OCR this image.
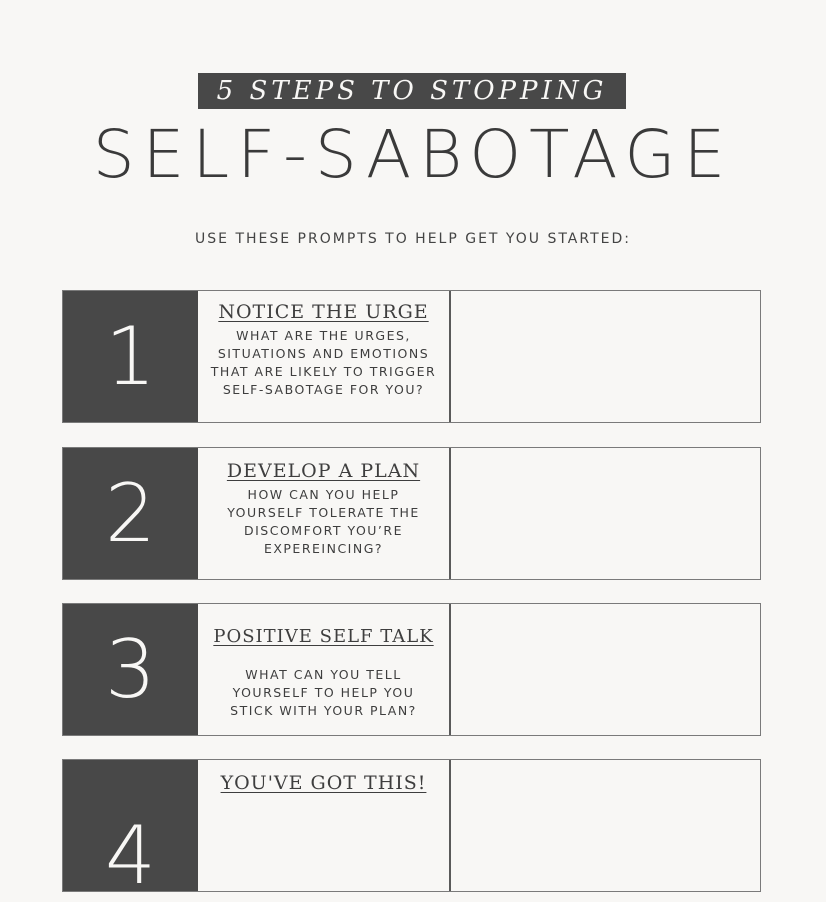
5 STEPS TO STOPPING
SELF-SABOTAGE
USE THESE PROMPTS TO HELP GET YOU STARTED:
1	NOTICE THE URGE
WHAT ARE THE URGES, SITUATIONS AND EMOTIONS THAT ARE LIKELY TO TRIGGER SELF-SABOTAGE FOR YOU?
2	DEVELOP A PLAN
HOW CAN YOU HELP YOURSELF TOLERATE THE DISCOMFORT YOU’RE EXPEREINCING?
3	POSITIVE SELF TALK
WHAT CAN YOU TELL YOURSELF TO HELP YOU STICK WITH YOUR PLAN?
4
YOU'VE GOT THIS!
